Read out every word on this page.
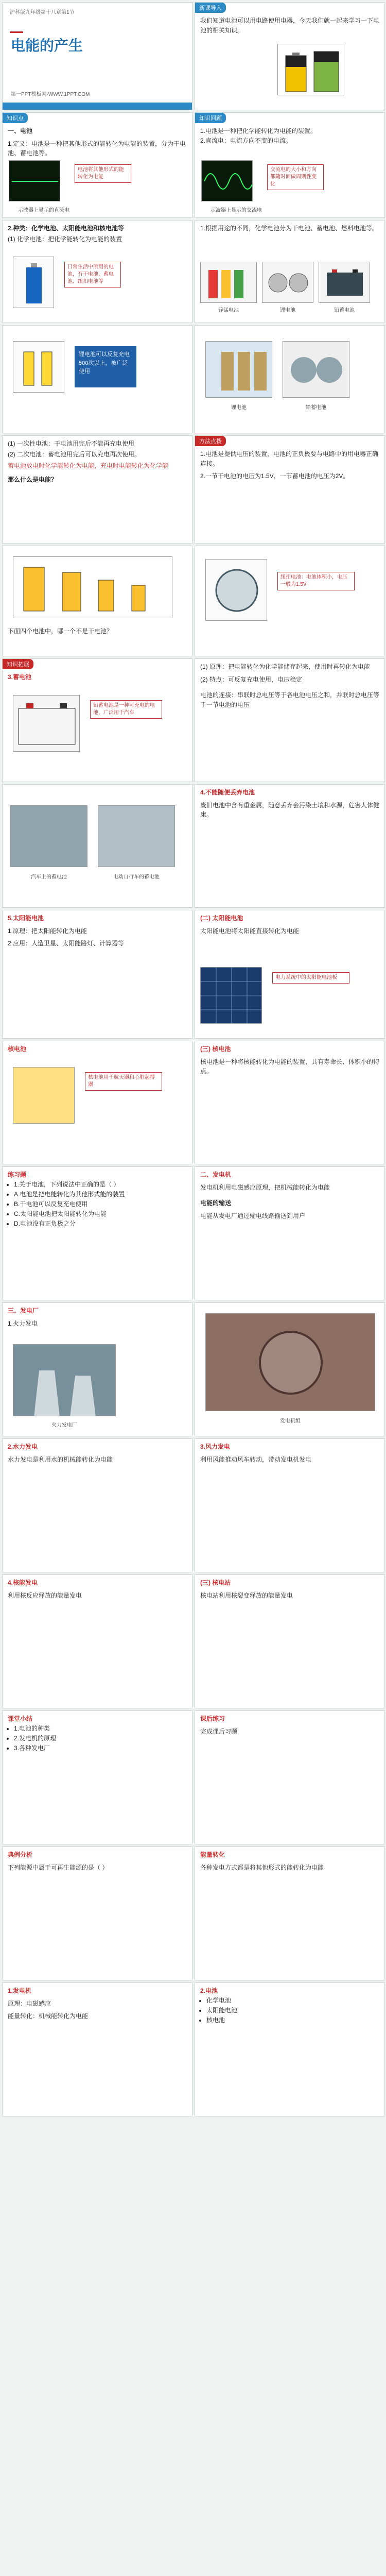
沪科版九年级第十八章第1节
电能的产生
第一PPT模板网-WWW.1PPT.COM
新课导入

我们知道电池可以用电路使用电器，今天我们就一起来学习一下电池的相关知识。

知识点

一、电池

1.定义：电池是一种把其他形式的能转化为电能的装置，分为干电池、蓄电池等。

电池将其他形式的能转化为电能
示波器上显示的直流电
知识回顾

1.电池是一种把化学能转化为电能的装置。

2.直流电：电流方向不变的电流。

交流电的大小和方向都随时间做周期性变化
示波器上显示的交流电

2.种类：化学电池、太阳能电池和核电池等

(1) 化学电池：把化学能转化为电能的装置

日常生活中所用的电池，有干电池、蓄电池、纽扣电池等

1.根据用途的不同，化学电池分为干电池、蓄电池、燃料电池等。

锌锰电池	锂电池	铅蓄电池
锂电池可以反复充电500次以上，被广泛使用
锂电池	铅蓄电池

(1) 一次性电池：干电池用完后不能再充电使用

(2) 二次电池：蓄电池用完后可以充电再次使用。

蓄电池放电时化学能转化为电能，充电时电能转化为化学能

那么什么是电能？

方法点拨

1.电池是提供电压的装置，电池的正负极要与电路中的用电器正确连接。

2.一节干电池的电压为1.5V，一节蓄电池的电压为2V。

下面四个电池中，哪一个不是干电池？

纽扣电池：电池体积小，电压一般为1.5V
知识拓展

3.蓄电池

铅蓄电池是一种可充电的电池，广泛用于汽车

(1) 原理：把电能转化为化学能储存起来，使用时再转化为电能

(2) 特点：可反复充电使用，电压稳定

电池的连接：串联时总电压等于各电池电压之和，并联时总电压等于一节电池的电压

汽车上的蓄电池	电动自行车的蓄电池

4.不能随便丢弃电池

废旧电池中含有重金属，随意丢弃会污染土壤和水源，危害人体健康。

5.太阳能电池

1.原理：把太阳能转化为电能

2.应用：人造卫星、太阳能路灯、计算器等

(二) 太阳能电池

太阳能电池将太阳能直接转化为电能

电力系统中的太阳能电池板

核电池

核电池用于航天器和心脏起搏器

(三) 核电池

核电池是一种将核能转化为电能的装置，具有寿命长、体积小的特点。

练习题

• 1.关于电池，下列说法中正确的是（ ）
• A.电池是把电能转化为其他形式能的装置
• B.干电池可以反复充电使用
• C.太阳能电池把太阳能转化为电能
• D.电池没有正负极之分

二、发电机

发电机利用电磁感应原理，把机械能转化为电能

电能的输送

电能从发电厂通过输电线路输送到用户

三、发电厂

1.火力发电

火力发电厂
发电机组

2.水力发电

水力发电是利用水的机械能转化为电能

3.风力发电

利用风能推动风车转动，带动发电机发电

4.核能发电

利用核反应释放的能量发电

(三) 核电站

核电站利用核裂变释放的能量发电

课堂小结

• 1.电池的种类
• 2.发电机的原理
• 3.各种发电厂

课后练习

完成课后习题

典例分析

下列能源中属于可再生能源的是（ ）

能量转化

各种发电方式都是将其他形式的能转化为电能

1.发电机

原理：电磁感应

能量转化：机械能转化为电能

2.电池

• 化学电池
• 太阳能电池
• 核电池
